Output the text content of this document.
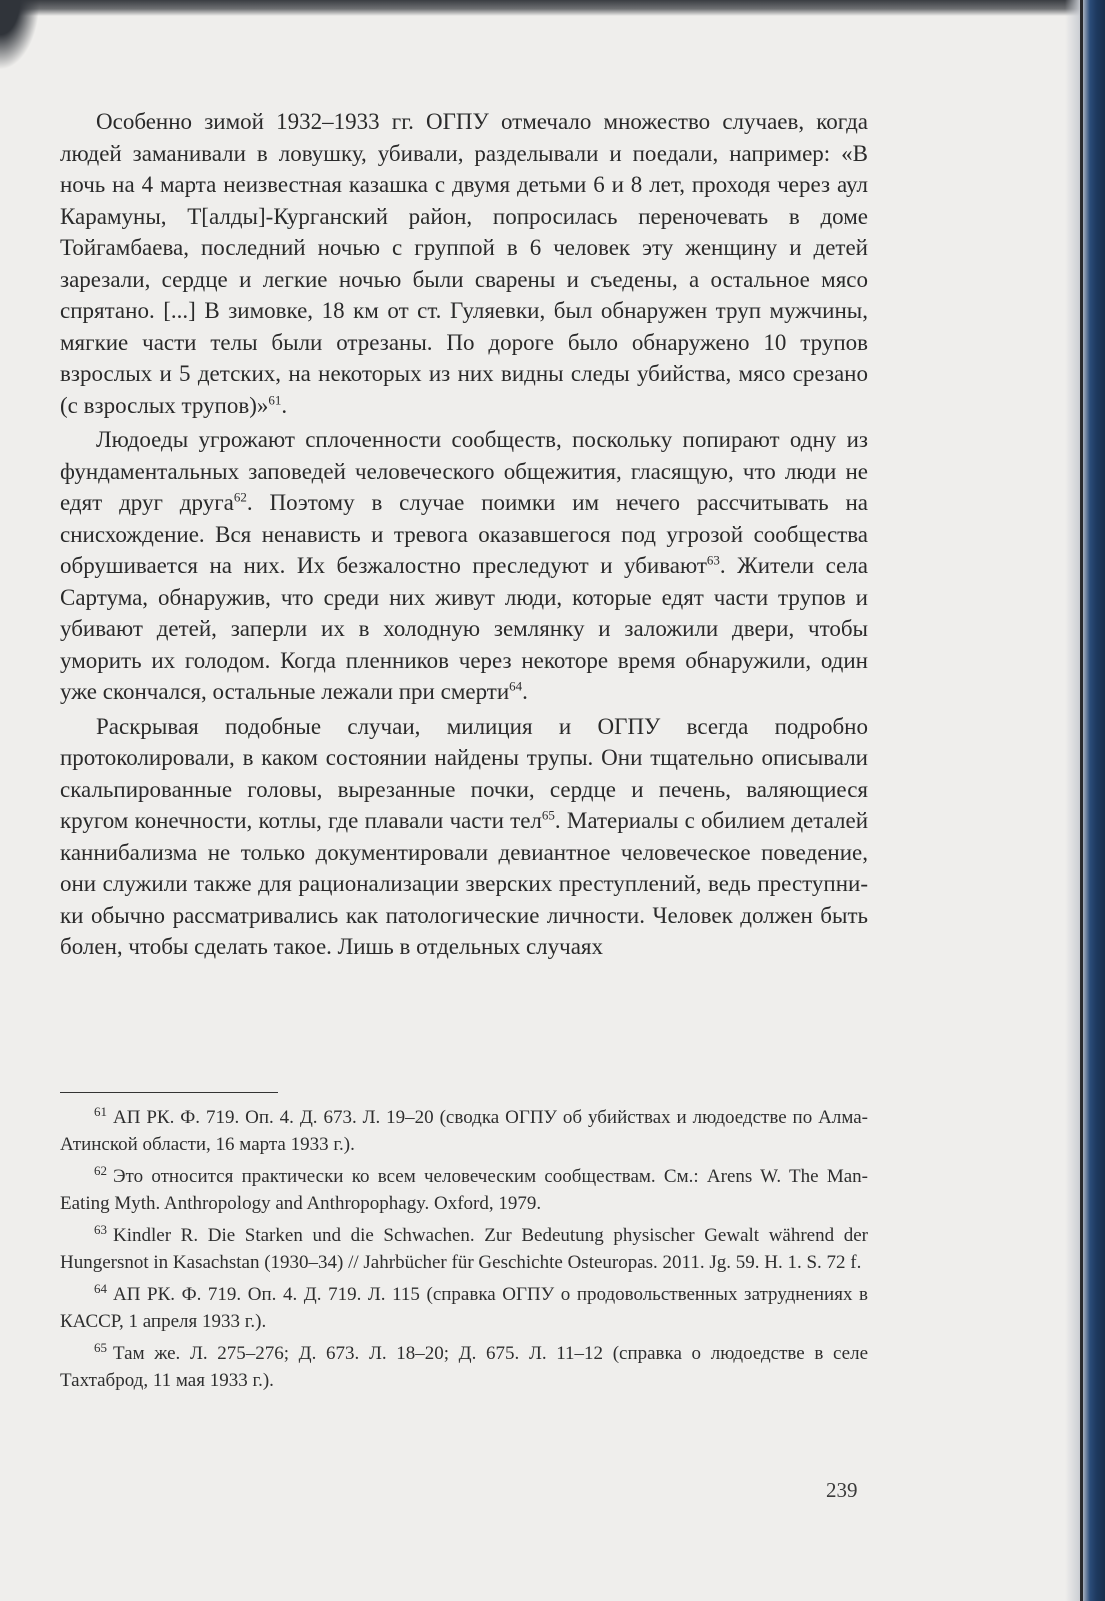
Особенно зимой 1932–1933 гг. ОГПУ отмечало множество случаев, когда людей заманивали в ловушку, убивали, разделывали и поедали, например: «В ночь на 4 марта неизвестная казашка с двумя детьми 6 и 8 лет, проходя через аул Карамуны, Т[алды]-Курганский район, попросилась переночевать в доме Тойгамбаева, последний ночью с группой в 6 человек эту женщину и детей зарезали, сердце и легкие ночью были сварены и съедены, а остальное мясо спрятано. [...] В зимовке, 18 км от ст. Гуляевки, был обнаружен труп мужчины, мягкие части телы были отрезаны. По дороге было обнаружено 10 трупов взрослых и 5 детских, на некоторых из них видны следы убийства, мясо срезано (с взрослых трупов)»$^{61}$.

Людоеды угрожают сплоченности сообществ, поскольку попирают одну из фундаментальных заповедей человеческого общежития, гласящую, что люди не едят друг друга$^{62}$. Поэтому в случае поимки им нечего рассчитывать на снисхождение. Вся ненависть и тревога оказавшегося под угрозой сообщества обрушивается на них. Их безжалостно преследуют и убивают$^{63}$. Жители села Сартума, обнаружив, что среди них живут люди, которые едят части трупов и убивают детей, заперли их в холодную землянку и заложили двери, чтобы уморить их голодом. Когда пленников через некоторе время обнаружили, один уже скончался, остальные лежали при смерти$^{64}$.

Раскрывая подобные случаи, милиция и ОГПУ всегда подробно протоколировали, в каком состоянии найдены трупы. Они тщательно описывали скальпированные головы, вырезанные почки, сердце и печень, валяющиеся кругом конечности, котлы, где плавали части тел$^{65}$. Материалы с обилием деталей каннибализма не только документировали девиантное человеческое поведение, они служили также для рационализации зверских преступлений, ведь преступники обычно рассматривались как патологические личности. Человек должен быть болен, чтобы сделать такое. Лишь в отдельных случаях

$^{61}$ АП РК. Ф. 719. Оп. 4. Д. 673. Л. 19–20 (сводка ОГПУ об убийствах и людоедстве по Алма-Атинской области, 16 марта 1933 г.).

$^{62}$ Это относится практически ко всем человеческим сообществам. См.: Arens W. The Man-Eating Myth. Anthropology and Anthropophagy. Oxford, 1979.

$^{63}$ Kindler R. Die Starken und die Schwachen. Zur Bedeutung physischer Gewalt während der Hungersnot in Kasachstan (1930–34) // Jahrbücher für Geschichte Osteuropas. 2011. Jg. 59. H. 1. S. 72 f.

$^{64}$ АП РК. Ф. 719. Оп. 4. Д. 719. Л. 115 (справка ОГПУ о продовольственных затруднениях в КАССР, 1 апреля 1933 г.).

$^{65}$ Там же. Л. 275–276; Д. 673. Л. 18–20; Д. 675. Л. 11–12 (справка о людоедстве в селе Тахтаброд, 11 мая 1933 г.).

239
